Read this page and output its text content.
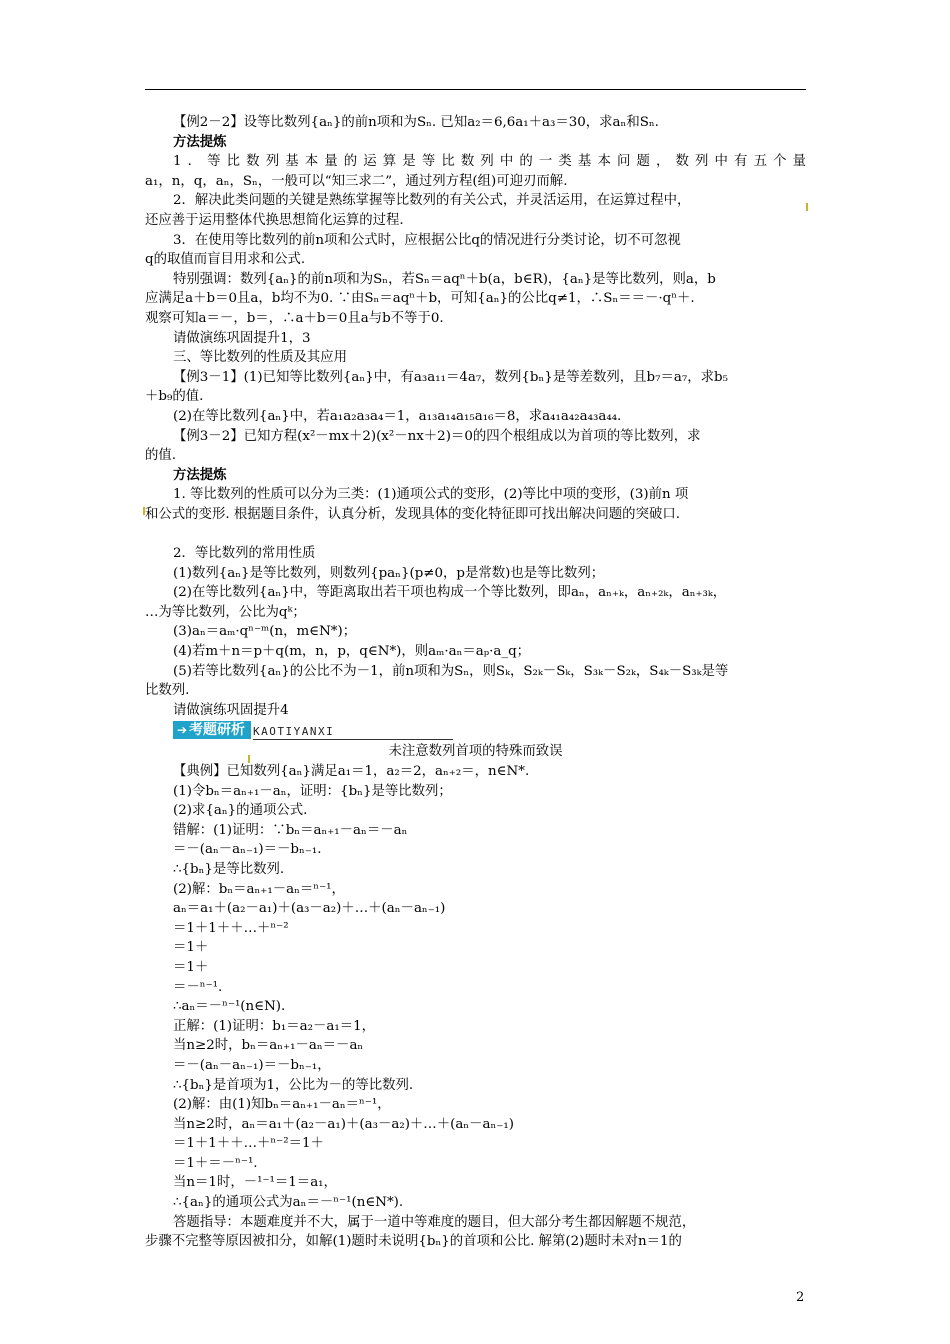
【例2－2】设等比数列{aₙ}的前n项和为Sₙ. 已知a₂＝6,6a₁＋a₃＝30，求aₙ和Sₙ.
方法提炼
1．等比数列基本量的运算是等比数列中的一类基本问题，数列中有五个量
a₁，n，q，aₙ，Sₙ，一般可以“知三求二”，通过列方程(组)可迎刃而解.
2．解决此类问题的关键是熟练掌握等比数列的有关公式，并灵活运用，在运算过程中，
还应善于运用整体代换思想简化运算的过程.
3．在使用等比数列的前n项和公式时，应根据公比q的情况进行分类讨论，切不可忽视
q的取值而盲目用求和公式.
特别强调：数列{aₙ}的前n项和为Sₙ，若Sₙ＝aqⁿ＋b(a，b∈R)，{aₙ}是等比数列，则a，b
应满足a＋b＝0且a，b均不为0. ∵由Sₙ＝aqⁿ＋b，可知{aₙ}的公比q≠1，∴Sₙ＝＝－·qⁿ＋.
观察可知a＝－，b＝，∴a＋b＝0且a与b不等于0.
请做演练巩固提升1，3
三、等比数列的性质及其应用
【例3－1】(1)已知等比数列{aₙ}中，有a₃a₁₁＝4a₇，数列{bₙ}是等差数列，且b₇＝a₇，求b₅
＋b₉的值.
(2)在等比数列{aₙ}中，若a₁a₂a₃a₄＝1，a₁₃a₁₄a₁₅a₁₆＝8，求a₄₁a₄₂a₄₃a₄₄.
【例3－2】已知方程(x²－mx＋2)(x²－nx＋2)＝0的四个根组成以为首项的等比数列，求
的值.
方法提炼
1. 等比数列的性质可以分为三类：(1)通项公式的变形，(2)等比中项的变形，(3)前n 项
和公式的变形. 根据题目条件，认真分析，发现具体的变化特征即可找出解决问题的突破口.
2．等比数列的常用性质
(1)数列{aₙ}是等比数列，则数列{paₙ}(p≠0，p是常数)也是等比数列；
(2)在等比数列{aₙ}中，等距离取出若干项也构成一个等比数列，即aₙ，aₙ₊ₖ，aₙ₊₂ₖ，aₙ₊₃ₖ，
…为等比数列，公比为qᵏ；
(3)aₙ＝aₘ·qⁿ⁻ᵐ(n，m∈N*)；
(4)若m＋n＝p＋q(m，n，p，q∈N*)，则aₘ·aₙ＝aₚ·a_q；
(5)若等比数列{aₙ}的公比不为－1，前n项和为Sₙ，则Sₖ，S₂ₖ－Sₖ，S₃ₖ－S₂ₖ，S₄ₖ－S₃ₖ是等
比数列.
请做演练巩固提升4
➔ 考题研析 KAOTIYANXI
未注意数列首项的特殊而致误
【典例】已知数列{aₙ}满足a₁＝1，a₂＝2，aₙ₊₂＝，n∈N*.
(1)令bₙ＝aₙ₊₁－aₙ，证明：{bₙ}是等比数列；
(2)求{aₙ}的通项公式.
错解：(1)证明：∵bₙ＝aₙ₊₁－aₙ＝－aₙ
＝－(aₙ－aₙ₋₁)＝－bₙ₋₁.
∴{bₙ}是等比数列.
(2)解：bₙ＝aₙ₊₁－aₙ＝ⁿ⁻¹，
aₙ＝a₁＋(a₂－a₁)＋(a₃－a₂)＋…＋(aₙ－aₙ₋₁)
＝1＋1＋＋…＋ⁿ⁻²
＝1＋
＝1＋
＝－ⁿ⁻¹.
∴aₙ＝－ⁿ⁻¹(n∈N).
正解：(1)证明：b₁＝a₂－a₁＝1，
当n≥2时，bₙ＝aₙ₊₁－aₙ＝－aₙ
＝－(aₙ－aₙ₋₁)＝－bₙ₋₁，
∴{bₙ}是首项为1，公比为－的等比数列.
(2)解：由(1)知bₙ＝aₙ₊₁－aₙ＝ⁿ⁻¹，
当n≥2时，aₙ＝a₁＋(a₂－a₁)＋(a₃－a₂)＋…＋(aₙ－aₙ₋₁)
＝1＋1＋＋…＋ⁿ⁻²＝1＋
＝1＋＝－ⁿ⁻¹.
当n＝1时，－¹⁻¹＝1＝a₁，
∴{aₙ}的通项公式为aₙ＝－ⁿ⁻¹(n∈N*).
答题指导：本题难度并不大，属于一道中等难度的题目，但大部分考生都因解题不规范，
步骤不完整等原因被扣分，如解(1)题时未说明{bₙ}的首项和公比. 解第(2)题时未对n＝1的
2
